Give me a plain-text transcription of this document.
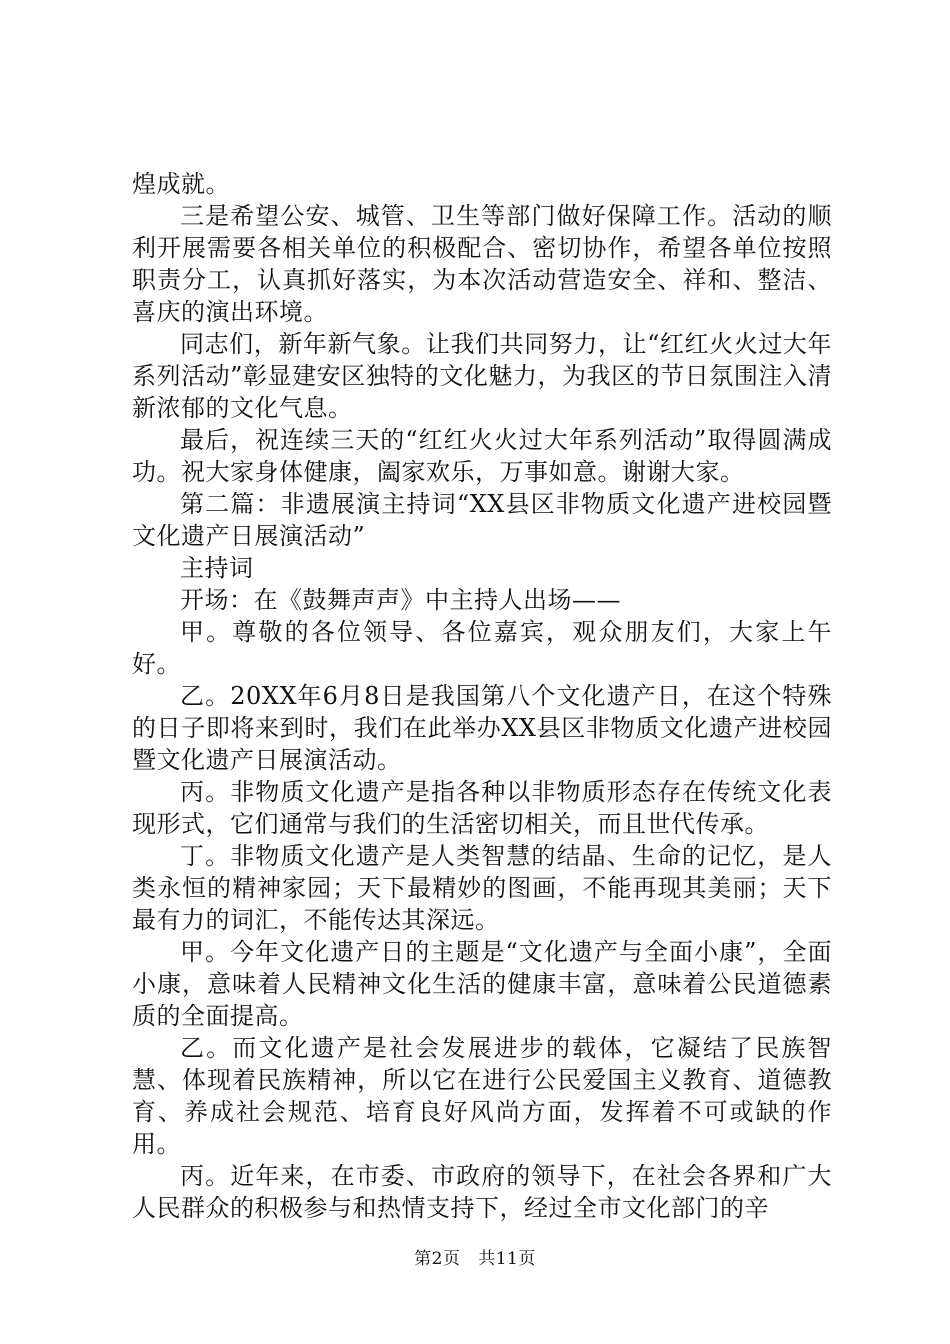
煌成就。

三是希望公安、城管、卫生等部门做好保障工作。活动的顺利开展需要各相关单位的积极配合、密切协作，希望各单位按照职责分工，认真抓好落实，为本次活动营造安全、祥和、整洁、喜庆的演出环境。

同志们，新年新气象。让我们共同努力，让“红红火火过大年系列活动”彰显建安区独特的文化魅力，为我区的节日氛围注入清新浓郁的文化气息。

最后，祝连续三天的“红红火火过大年系列活动”取得圆满成功。祝大家身体健康，阖家欢乐，万事如意。谢谢大家。

第二篇：非遗展演主持词“XX县区非物质文化遗产进校园暨文化遗产日展演活动”

主持词

开场：在《鼓舞声声》中主持人出场——

甲。尊敬的各位领导、各位嘉宾，观众朋友们，大家上午好。

乙。20XX年6月8日是我国第八个文化遗产日，在这个特殊的日子即将来到时，我们在此举办XX县区非物质文化遗产进校园暨文化遗产日展演活动。

丙。非物质文化遗产是指各种以非物质形态存在传统文化表现形式，它们通常与我们的生活密切相关，而且世代传承。

丁。非物质文化遗产是人类智慧的结晶、生命的记忆，是人类永恒的精神家园；天下最精妙的图画，不能再现其美丽；天下最有力的词汇，不能传达其深远。

甲。今年文化遗产日的主题是“文化遗产与全面小康”，全面小康，意味着人民精神文化生活的健康丰富，意味着公民道德素质的全面提高。

乙。而文化遗产是社会发展进步的载体，它凝结了民族智慧、体现着民族精神，所以它在进行公民爱国主义教育、道德教育、养成社会规范、培育良好风尚方面，发挥着不可或缺的作用。

丙。近年来，在市委、市政府的领导下，在社会各界和广大人民群众的积极参与和热情支持下，经过全市文化部门的辛

第2页 共11页
